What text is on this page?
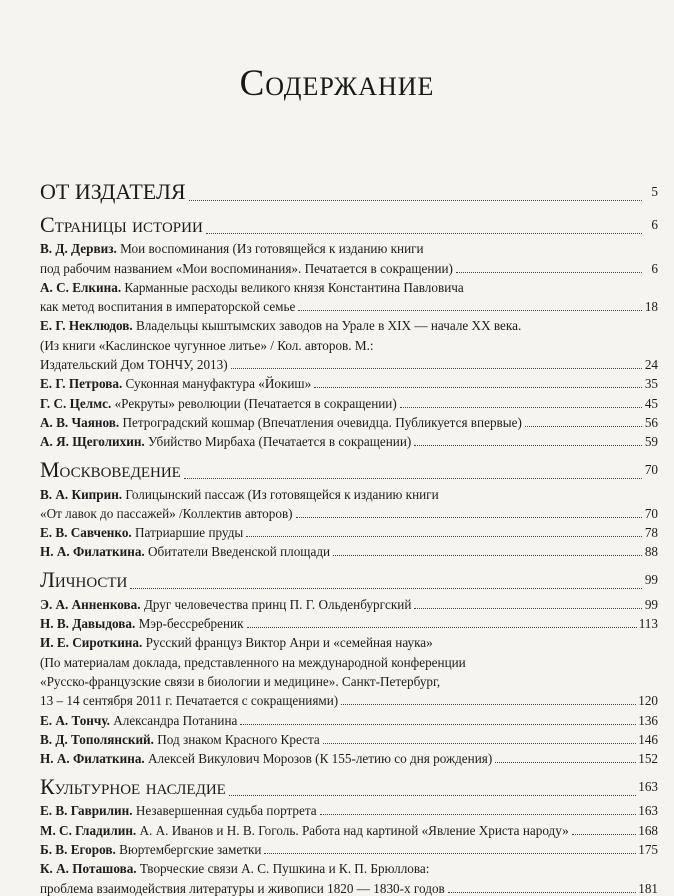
Содержание
ОТ ИЗДАТЕЛЯ	5
Страницы истории	6
В. Д. Дервиз. Мои воспоминания (Из готовящейся к изданию книги
под рабочим названием «Мои воспоминания». Печатается в сокращении)	6
А. С. Елкина. Карманные расходы великого князя Константина Павловича
как метод воспитания в императорской семье	18
Е. Г. Неклюдов. Владельцы кыштымских заводов на Урале в XIX — начале XX века.
(Из книги «Каслинское чугунное литье» / Кол. авторов. М.:
Издательский Дом ТОНЧУ, 2013)	24
Е. Г. Петрова. Суконная мануфактура «Йокиш»	35
Г. С. Целмс. «Рекруты» революции (Печатается в сокращении)	45
А. В. Чаянов. Петроградский кошмар (Впечатления очевидца. Публикуется впервые)	56
А. Я. Щеголихин. Убийство Мирбаха (Печатается в сокращении)	59
Москвоведение	70
В. А. Киприн. Голицынский пассаж (Из готовящейся к изданию книги
«От лавок до пассажей» /Коллектив авторов)	70
Е. В. Савченко. Патриаршие пруды	78
Н. А. Филаткина. Обитатели Введенской площади	88
Личности	99
Э. А. Анненкова. Друг человечества принц П. Г. Ольденбургский	99
Н. В. Давыдова. Мэр-бессребреник	113
И. Е. Сироткина. Русский француз Виктор Анри и «семейная наука»
(По материалам доклада, представленного на международной конференции
«Русско-французские связи в биологии и медицине». Санкт-Петербург,
13 – 14 сентября 2011 г. Печатается с сокращениями)	120
Е. А. Тончу. Александра Потанина	136
В. Д. Тополянский. Под знаком Красного Креста	146
Н. А. Филаткина. Алексей Викулович Морозов (К 155-летию со дня рождения)	152
Культурное наследие	163
Е. В. Гаврилин. Незавершенная судьба портрета	163
М. С. Гладилин. А. А. Иванов и Н. В. Гоголь. Работа над картиной «Явление Христа народу»	168
Б. В. Егоров. Вюртембергские заметки	175
К. А. Поташова. Творческие связи А. С. Пушкина и К. П. Брюллова:
проблема взаимодействия литературы и живописи 1820 — 1830-х годов	181
